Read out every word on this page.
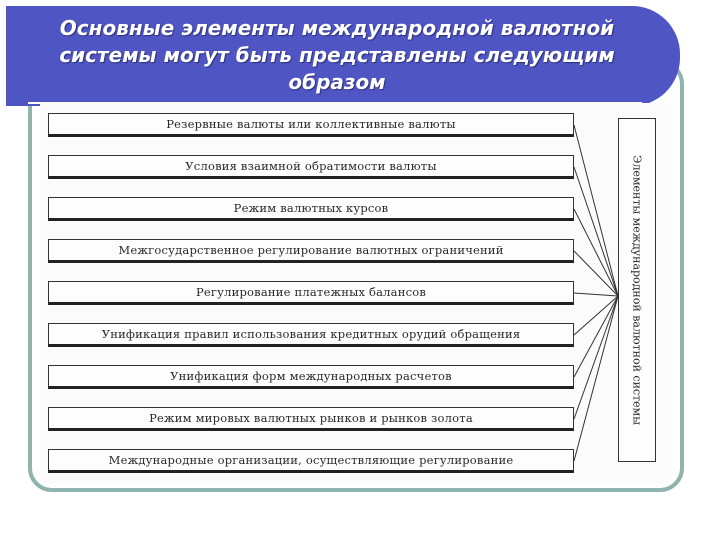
Основные элементы международной валютной системы могут быть представлены следующим образом
Резервные валюты или коллективные валюты
Условия взаимной обратимости валюты
Режим валютных курсов
Межгосударственное регулирование валютных ограничений
Регулирование платежных балансов
Унификация правил использования кредитных орудий обращения
Унификация форм международных расчетов
Режим мировых валютных рынков и рынков золота
Международные организации, осуществляющие регулирование
Элементы международной валютной системы
